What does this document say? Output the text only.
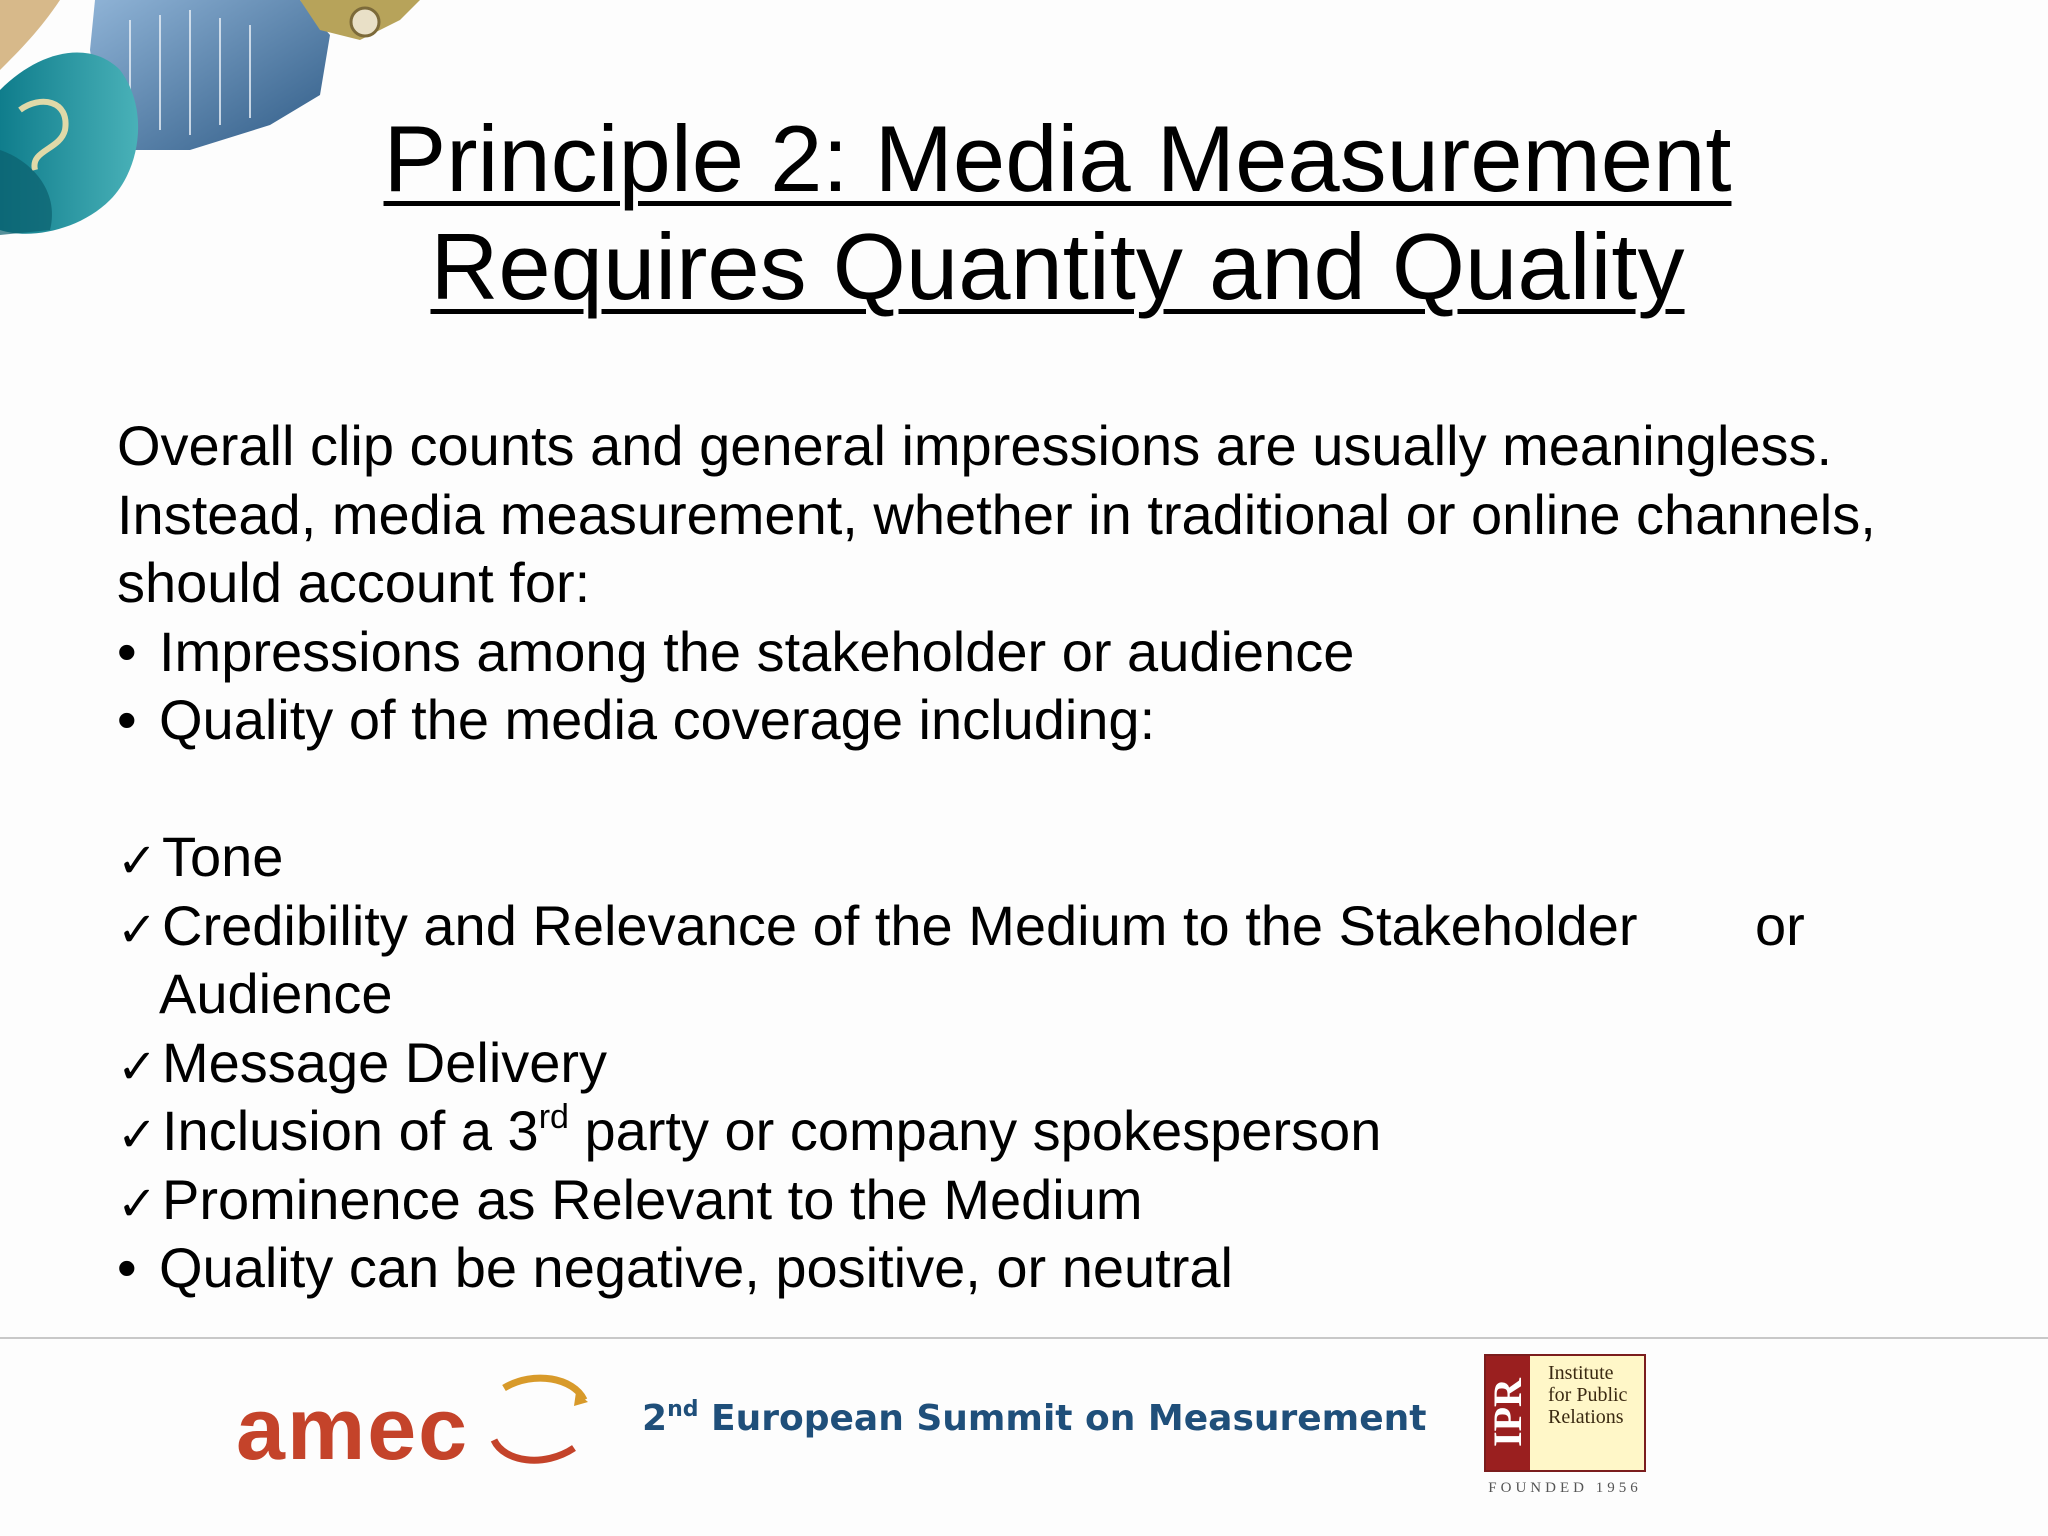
Principle 2: Media Measurement
Requires Quantity and Quality
Overall clip counts and general impressions are usually meaningless.
Instead, media measurement, whether in traditional or online channels,
should account for:
• Impressions among the stakeholder or audience
• Quality of the media coverage including:
✓ Tone
✓ Credibility and Relevance of the Medium to the Stakeholder or
Audience
✓ Message Delivery
✓ Inclusion of a 3rd party or company spokesperson
✓ Prominence as Relevant to the Medium
• Quality can be negative, positive, or neutral
amec	2nd European Summit on Measurement IPR
Institute
for Public
Relations
FOUNDED 1956
